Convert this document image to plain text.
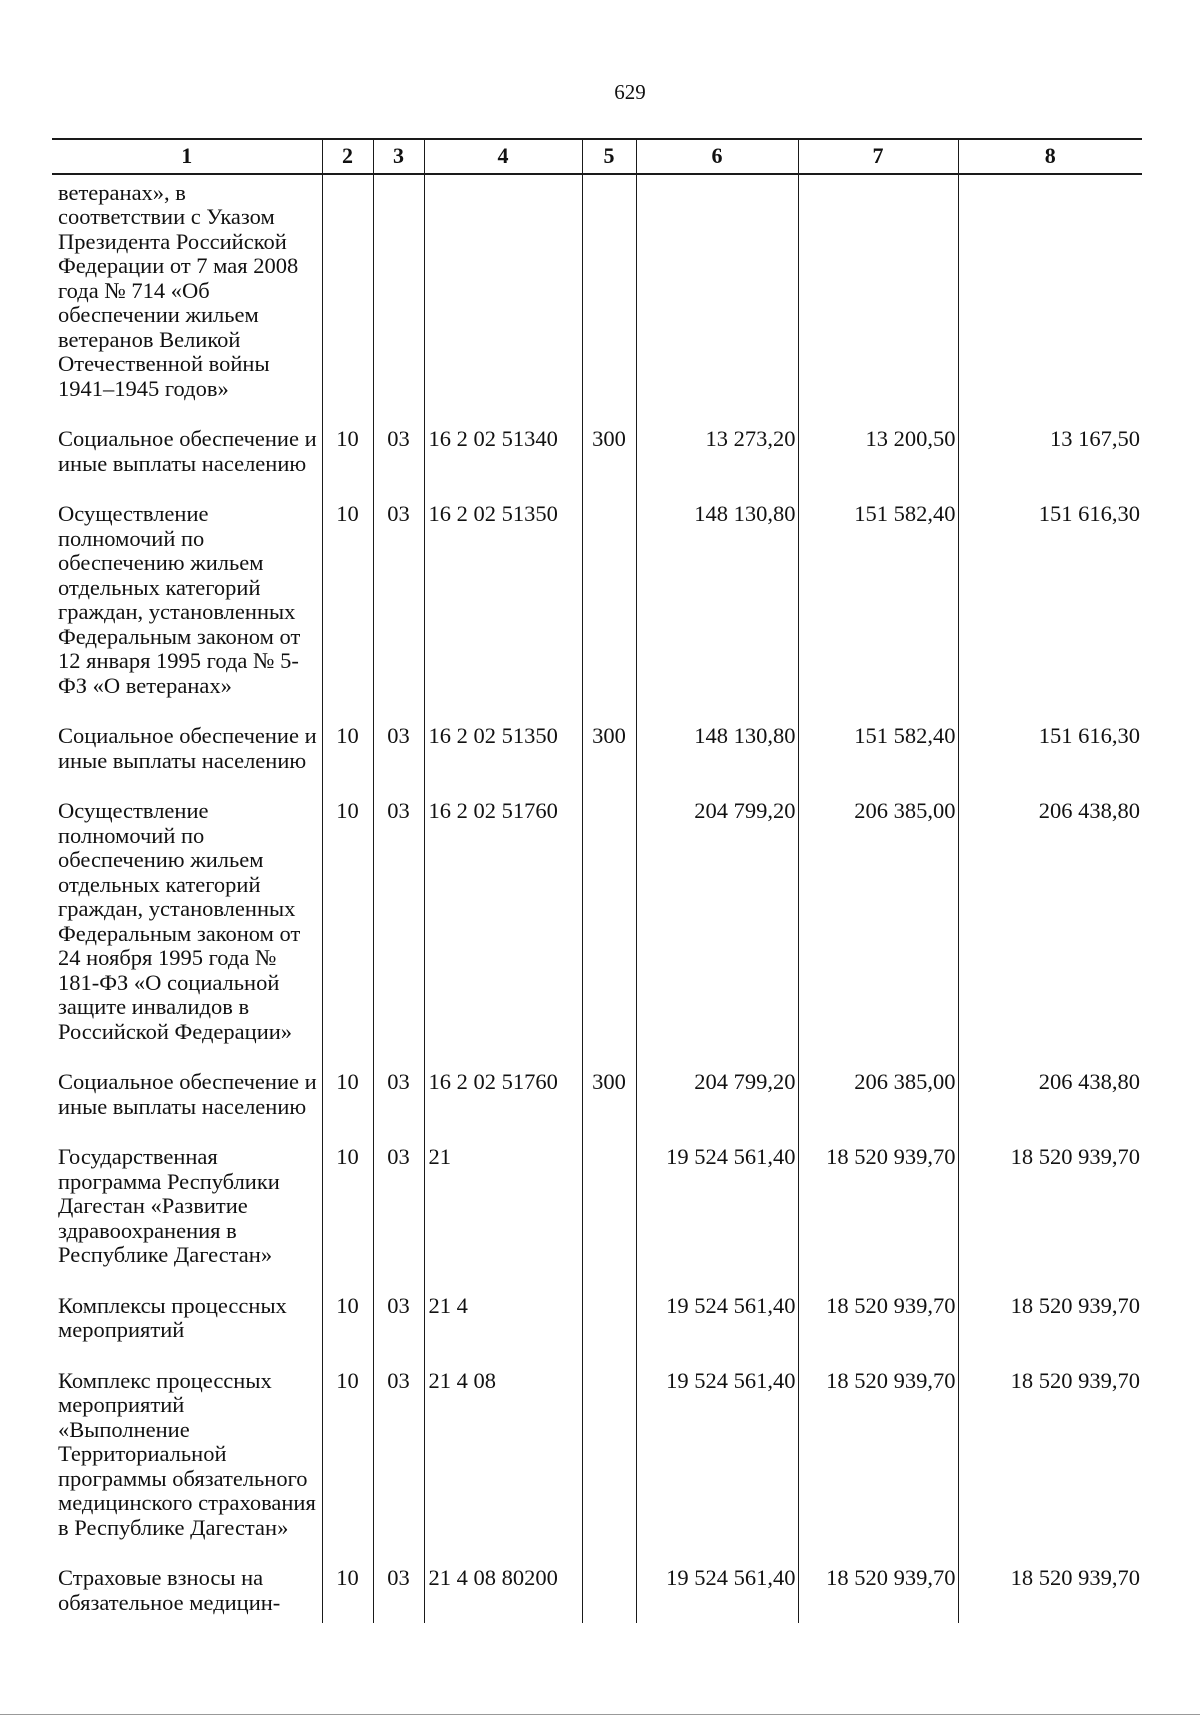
629
1	2	3	4	5	6	7	8
ветеранах», в соответствии с Указом Президента Российской Федерации от 7 мая 2008 года № 714 «Об обеспечении жильем ветеранов Великой Отечественной войны 1941–1945 годов»							
Социальное обеспечение и иные выплаты населению	10	03	16 2 02 51340	300	13 273,20	13 200,50	13 167,50
Осуществление полномочий по обеспечению жильем отдельных категорий граждан, установленных Федеральным законом от 12 января 1995 года № 5-ФЗ «О ветеранах»	10	03	16 2 02 51350		148 130,80	151 582,40	151 616,30
Социальное обеспечение и иные выплаты населению	10	03	16 2 02 51350	300	148 130,80	151 582,40	151 616,30
Осуществление полномочий по обеспечению жильем отдельных категорий граждан, установленных Федеральным законом от 24 ноября 1995 года № 181-ФЗ «О социальной защите инвалидов в Российской Федерации»	10	03	16 2 02 51760		204 799,20	206 385,00	206 438,80
Социальное обеспечение и иные выплаты населению	10	03	16 2 02 51760	300	204 799,20	206 385,00	206 438,80
Государственная программа Республики Дагестан «Развитие здравоохранения в Республике Дагестан»	10	03	21		19 524 561,40	18 520 939,70	18 520 939,70
Комплексы процессных мероприятий	10	03	21 4		19 524 561,40	18 520 939,70	18 520 939,70
Комплекс процессных мероприятий «Выполнение Территориальной программы обязательного медицинского страхования в Республике Дагестан»	10	03	21 4 08		19 524 561,40	18 520 939,70	18 520 939,70
Страховые взносы на обязательное медицин-	10	03	21 4 08 80200		19 524 561,40	18 520 939,70	18 520 939,70
